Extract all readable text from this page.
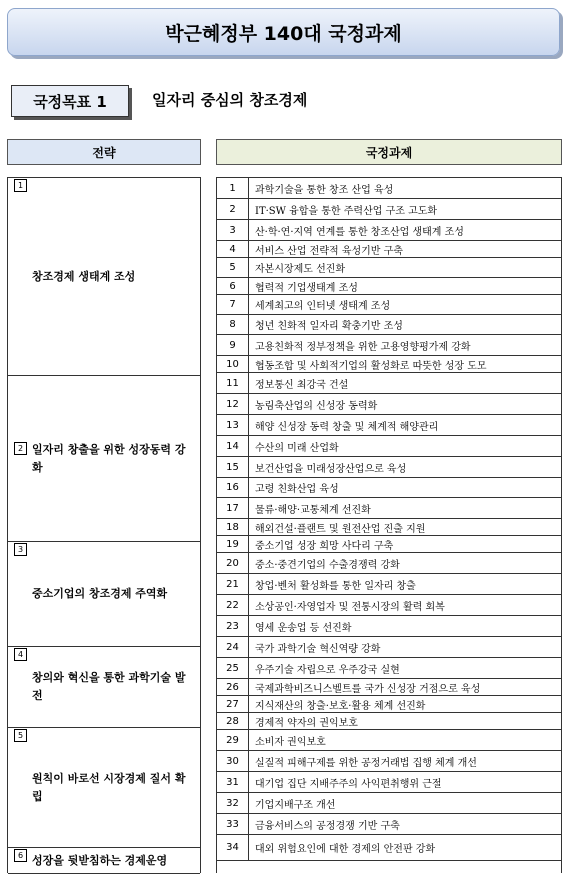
박근혜정부 140대 국정과제
국정목표 1	일자리 중심의 창조경제
전략	국정과제
1
창조경제 생태계 조성
2 일자리 창출을 위한 성장동력 강화
3
중소기업의 창조경제 주역화
4
창의와 혁신을 통한 과학기술 발전
5
원칙이 바로선 시장경제 질서 확립
6 성장을 뒷받침하는 경제운영
1	과학기술을 통한 창조 산업 육성
2	IT·SW 융합을 통한 주력산업 구조 고도화
3	산·학·연·지역 연계를 통한 창조산업 생태계 조성
4	서비스 산업 전략적 육성기반 구축
5	자본시장제도 선진화
6	협력적 기업생태계 조성
7	세계최고의 인터넷 생태계 조성
8	청년 친화적 일자리 확충기반 조성
9	고용친화적 정부정책을 위한 고용영향평가제 강화
10	협동조합 및 사회적기업의 활성화로 따뜻한 성장 도모
11	정보통신 최강국 건설
12	농림축산업의 신성장 동력화
13	해양 신성장 동력 창출 및 체계적 해양관리
14	수산의 미래 산업화
15	보건산업을 미래성장산업으로 육성
16	고령 친화산업 육성
17	물류·해양·교통체계 선진화
18	해외건설·플랜트 및 원전산업 진출 지원
19	중소기업 성장 희망 사다리 구축
20	중소·중견기업의 수출경쟁력 강화
21	창업·벤처 활성화를 통한 일자리 창출
22	소상공인·자영업자 및 전통시장의 활력 회복
23	영세 운송업 등 선진화
24	국가 과학기술 혁신역량 강화
25	우주기술 자립으로 우주강국 실현
26	국제과학비즈니스벨트를 국가 신성장 거점으로 육성
27	지식재산의 창출·보호·활용 체계 선진화
28	경제적 약자의 권익보호
29	소비자 권익보호
30	실질적 피해구제를 위한 공정거래법 집행 체계 개선
31	대기업 집단 지배주주의 사익편취행위 근절
32	기업지배구조 개선
33	금융서비스의 공정경쟁 기반 구축
34	대외 위험요인에 대한 경제의 안전판 강화
